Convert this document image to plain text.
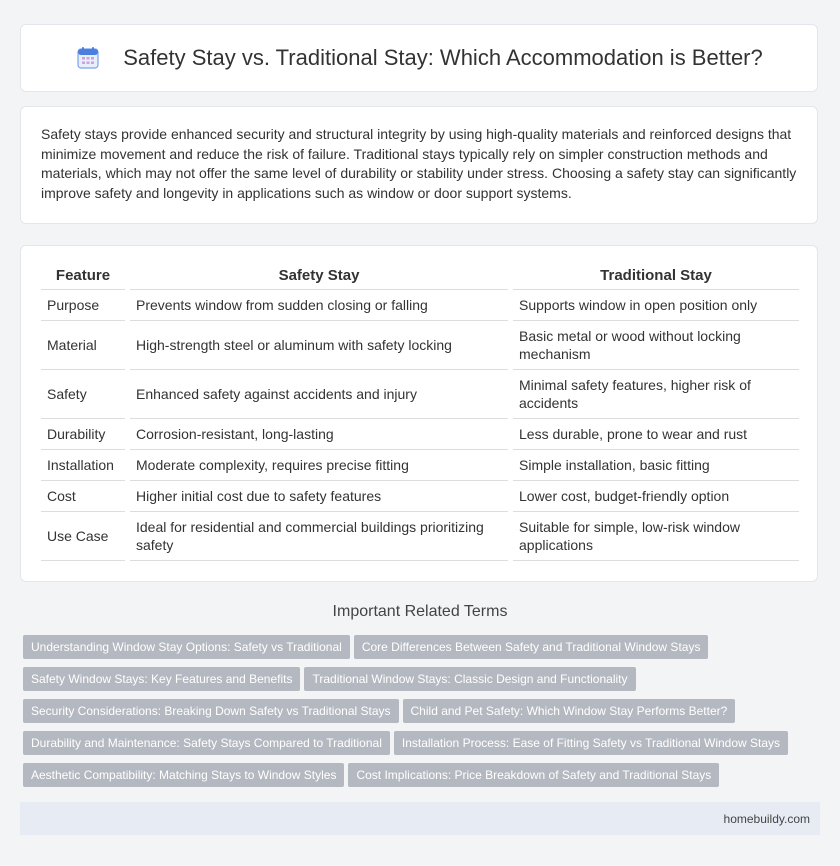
Safety Stay vs. Traditional Stay: Which Accommodation is Better?

Safety stays provide enhanced security and structural integrity by using high-quality materials and reinforced designs that minimize movement and reduce the risk of failure. Traditional stays typically rely on simpler construction methods and materials, which may not offer the same level of durability or stability under stress. Choosing a safety stay can significantly improve safety and longevity in applications such as window or door support systems.

Feature	Safety Stay	Traditional Stay
Purpose	Prevents window from sudden closing or falling	Supports window in open position only
Material	High-strength steel or aluminum with safety locking	Basic metal or wood without locking mechanism
Safety	Enhanced safety against accidents and injury	Minimal safety features, higher risk of accidents
Durability	Corrosion-resistant, long-lasting	Less durable, prone to wear and rust
Installation	Moderate complexity, requires precise fitting	Simple installation, basic fitting
Cost	Higher initial cost due to safety features	Lower cost, budget-friendly option
Use Case	Ideal for residential and commercial buildings prioritizing safety	Suitable for simple, low-risk window applications
Important Related Terms
Understanding Window Stay Options: Safety vs Traditional Core Differences Between Safety and Traditional Window Stays
Safety Window Stays: Key Features and Benefits Traditional Window Stays: Classic Design and Functionality
Security Considerations: Breaking Down Safety vs Traditional Stays Child and Pet Safety: Which Window Stay Performs Better?
Durability and Maintenance: Safety Stays Compared to Traditional Installation Process: Ease of Fitting Safety vs Traditional Window Stays
Aesthetic Compatibility: Matching Stays to Window Styles Cost Implications: Price Breakdown of Safety and Traditional Stays
homebuildy.com
